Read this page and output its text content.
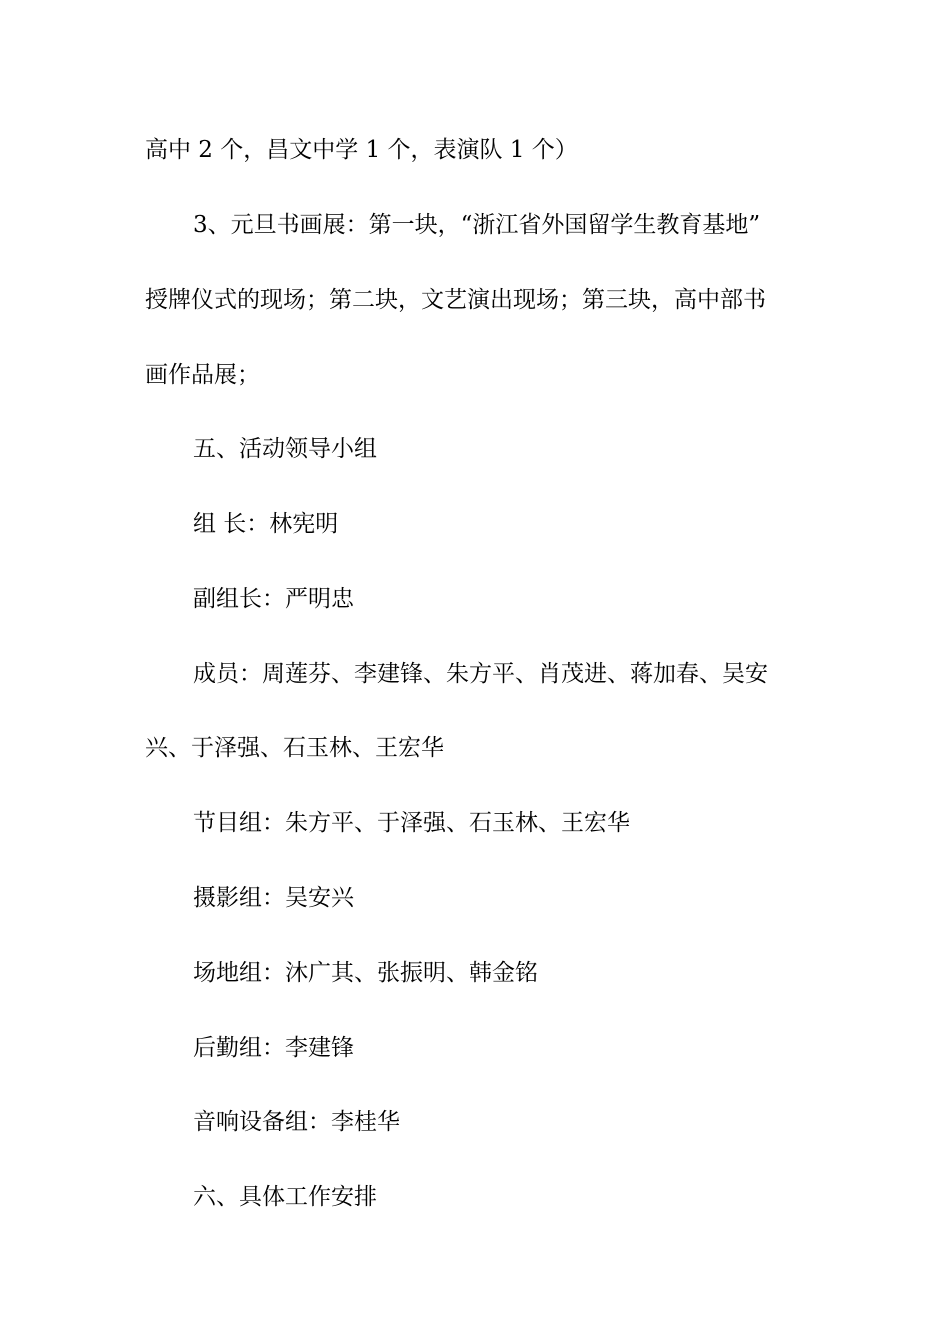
高中 2 个，昌文中学 1 个，表演队 1 个）
3、元旦书画展：第一块，“浙江省外国留学生教育基地”
授牌仪式的现场；第二块，文艺演出现场；第三块，高中部书
画作品展；
五、活动领导小组
组 长：林宪明
副组长：严明忠
成员：周莲芬、李建锋、朱方平、肖茂进、蒋加春、吴安
兴、于泽强、石玉林、王宏华
节目组：朱方平、于泽强、石玉林、王宏华
摄影组：吴安兴
场地组：沐广其、张振明、韩金铭
后勤组：李建锋
音响设备组：李桂华
六、具体工作安排
